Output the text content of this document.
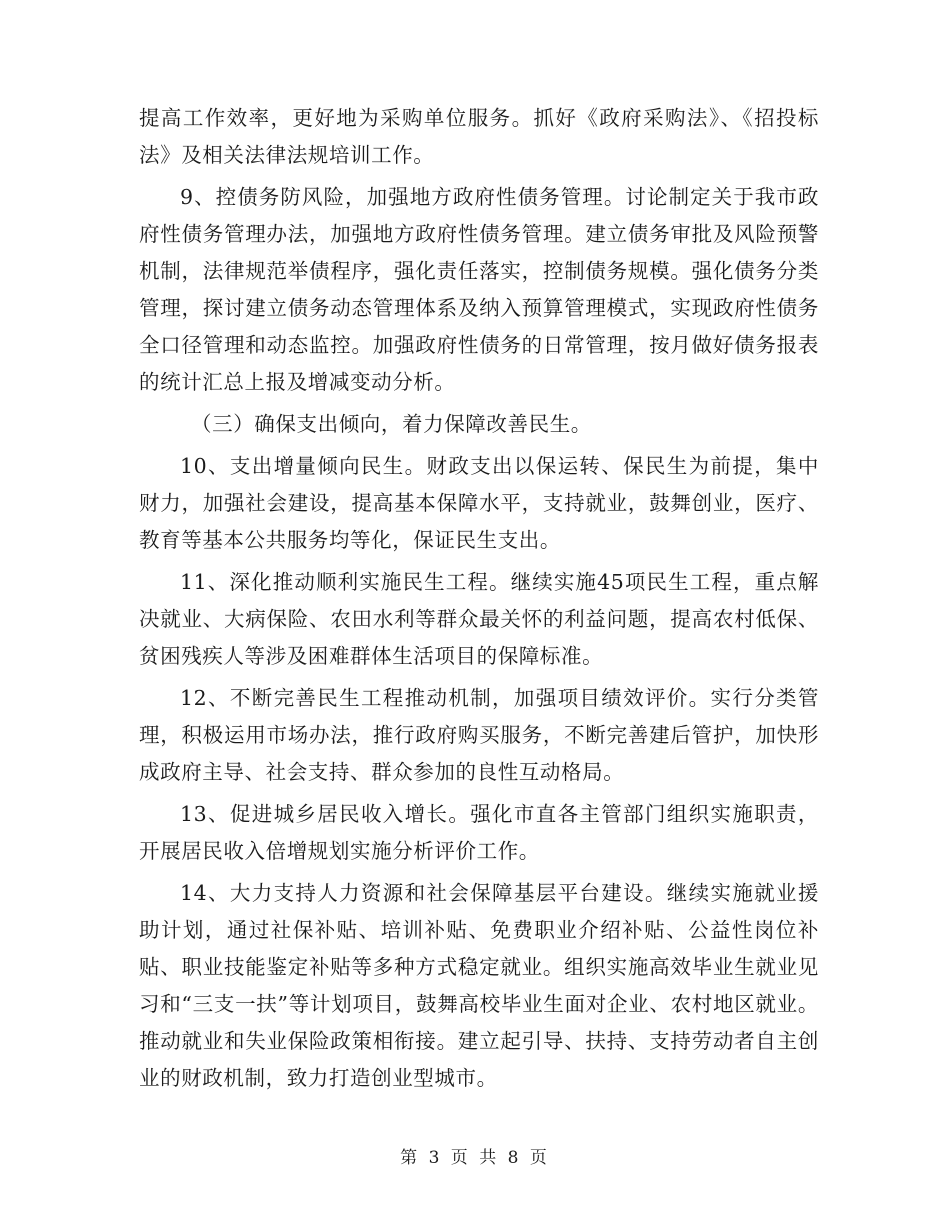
提高工作效率，更好地为采购单位服务。抓好《政府采购法》、《招投标法》及相关法律法规培训工作。

9、控债务防风险，加强地方政府性债务管理。讨论制定关于我市政府性债务管理办法，加强地方政府性债务管理。建立债务审批及风险预警机制，法律规范举债程序，强化责任落实，控制债务规模。强化债务分类管理，探讨建立债务动态管理体系及纳入预算管理模式，实现政府性债务全口径管理和动态监控。加强政府性债务的日常管理，按月做好债务报表的统计汇总上报及增减变动分析。

（三）确保支出倾向，着力保障改善民生。

10、支出增量倾向民生。财政支出以保运转、保民生为前提，集中财力，加强社会建设，提高基本保障水平，支持就业，鼓舞创业，医疗、教育等基本公共服务均等化，保证民生支出。

11、深化推动顺利实施民生工程。继续实施45项民生工程，重点解决就业、大病保险、农田水利等群众最关怀的利益问题，提高农村低保、贫困残疾人等涉及困难群体生活项目的保障标准。

12、不断完善民生工程推动机制，加强项目绩效评价。实行分类管理，积极运用市场办法，推行政府购买服务，不断完善建后管护，加快形成政府主导、社会支持、群众参加的良性互动格局。

13、促进城乡居民收入增长。强化市直各主管部门组织实施职责，开展居民收入倍增规划实施分析评价工作。

14、大力支持人力资源和社会保障基层平台建设。继续实施就业援助计划，通过社保补贴、培训补贴、免费职业介绍补贴、公益性岗位补贴、职业技能鉴定补贴等多种方式稳定就业。组织实施高效毕业生就业见习和“三支一扶”等计划项目，鼓舞高校毕业生面对企业、农村地区就业。推动就业和失业保险政策相衔接。建立起引导、扶持、支持劳动者自主创业的财政机制，致力打造创业型城市。

第 3 页 共 8 页
